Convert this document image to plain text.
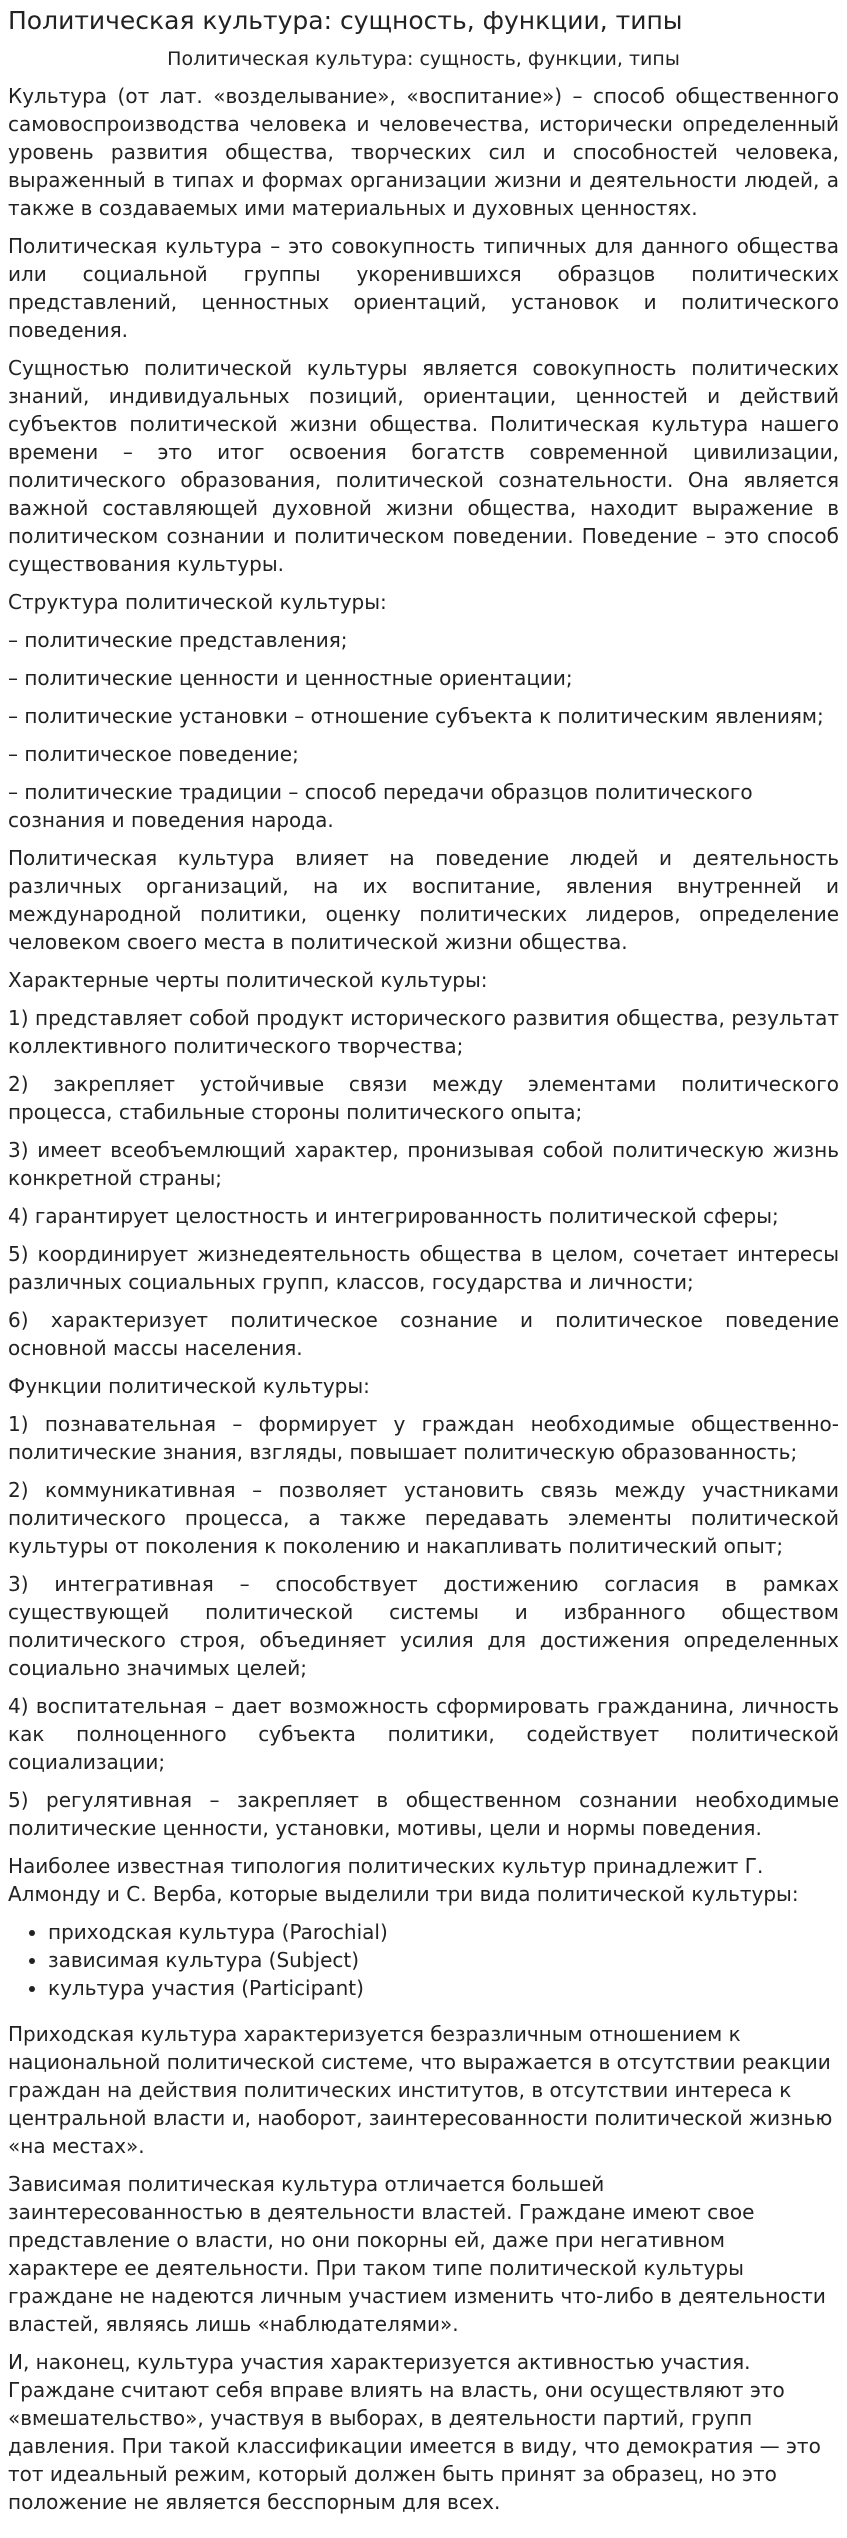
Политическая культура: сущность, функции, типы
Политическая культура: сущность, функции, типы

Культура (от лат. «возделывание», «воспитание») – способ общественного самовоспроизводства человека и человечества, исторически определенный уровень развития общества, творческих сил и способностей человека, выраженный в типах и формах организации жизни и деятельности людей, а также в создаваемых ими материальных и духовных ценностях.

Политическая культура – это совокупность типичных для данного общества или социальной группы укоренившихся образцов политических представлений, ценностных ориентаций, установок и политического поведения.

Сущностью политической культуры является совокупность политических знаний, индивидуальных позиций, ориентации, ценностей и действий субъектов политической жизни общества. Политическая культура нашего времени – это итог освоения богатств современной цивилизации, политического образования, политической сознательности. Она является важной составляющей духовной жизни общества, находит выражение в политическом сознании и политическом поведении. Поведение – это способ существования культуры.

Структура политической культуры:

– политические представления;

– политические ценности и ценностные ориентации;

– политические установки – отношение субъекта к политическим явлениям;

– политическое поведение;

– политические традиции – способ передачи образцов политического сознания и поведения народа.

Политическая культура влияет на поведение людей и деятельность различных организаций, на их воспитание, явления внутренней и международной политики, оценку политических лидеров, определение человеком своего места в политической жизни общества.

Характерные черты политической культуры:

1) представляет собой продукт исторического развития общества, результат коллективного политического творчества;

2) закрепляет устойчивые связи между элементами политического процесса, стабильные стороны политического опыта;

3) имеет всеобъемлющий характер, пронизывая собой политическую жизнь конкретной страны;

4) гарантирует целостность и интегрированность политической сферы;

5) координирует жизнедеятельность общества в целом, сочетает интересы различных социальных групп, классов, государства и личности;

6) характеризует политическое сознание и политическое поведение основной массы населения.

Функции политической культуры:

1) познавательная – формирует у граждан необходимые общественно-политические знания, взгляды, повышает политическую образованность;

2) коммуникативная – позволяет установить связь между участниками политического процесса, а также передавать элементы политической культуры от поколения к поколению и накапливать политический опыт;

3) интегративная – способствует достижению согласия в рамках существующей политической системы и избранного обществом политического строя, объединяет усилия для достижения определенных социально значимых целей;

4) воспитательная – дает возможность сформировать гражданина, личность как полноценного субъекта политики, содействует политической социализации;

5) регулятивная – закрепляет в общественном сознании необходимые политические ценности, установки, мотивы, цели и нормы поведения.

Наиболее известная типология политических культур принадлежит Г. Алмонду и С. Верба, которые выделили три вида политической культуры:

• приходская культура (Parochial)
• зависимая культура (Subject)
• культура участия (Participant)

Приходская культура характеризуется безразличным отношением к национальной политической системе, что выражается в отсутствии реакции граждан на действия политических институтов, в отсутствии интереса к центральной власти и, наоборот, заинтересованности политической жизнью «на местах».

Зависимая политическая культура отличается большей заинтересованностью в деятельности властей. Граждане имеют свое представление о власти, но они покорны ей, даже при негативном характере ее деятельности. При таком типе политической культуры граждане не надеются личным участием изменить что-либо в деятельности властей, являясь лишь «наблюдателями».

И, наконец, культура участия характеризуется активностью участия. Граждане считают себя вправе влиять на власть, они осуществляют это «вмешательство», участвуя в выборах, в деятельности партий, групп давления. При такой классификации имеется в виду, что демократия — это тот идеальный режим, который должен быть принят за образец, но это положение не является бесспорным для всех.
